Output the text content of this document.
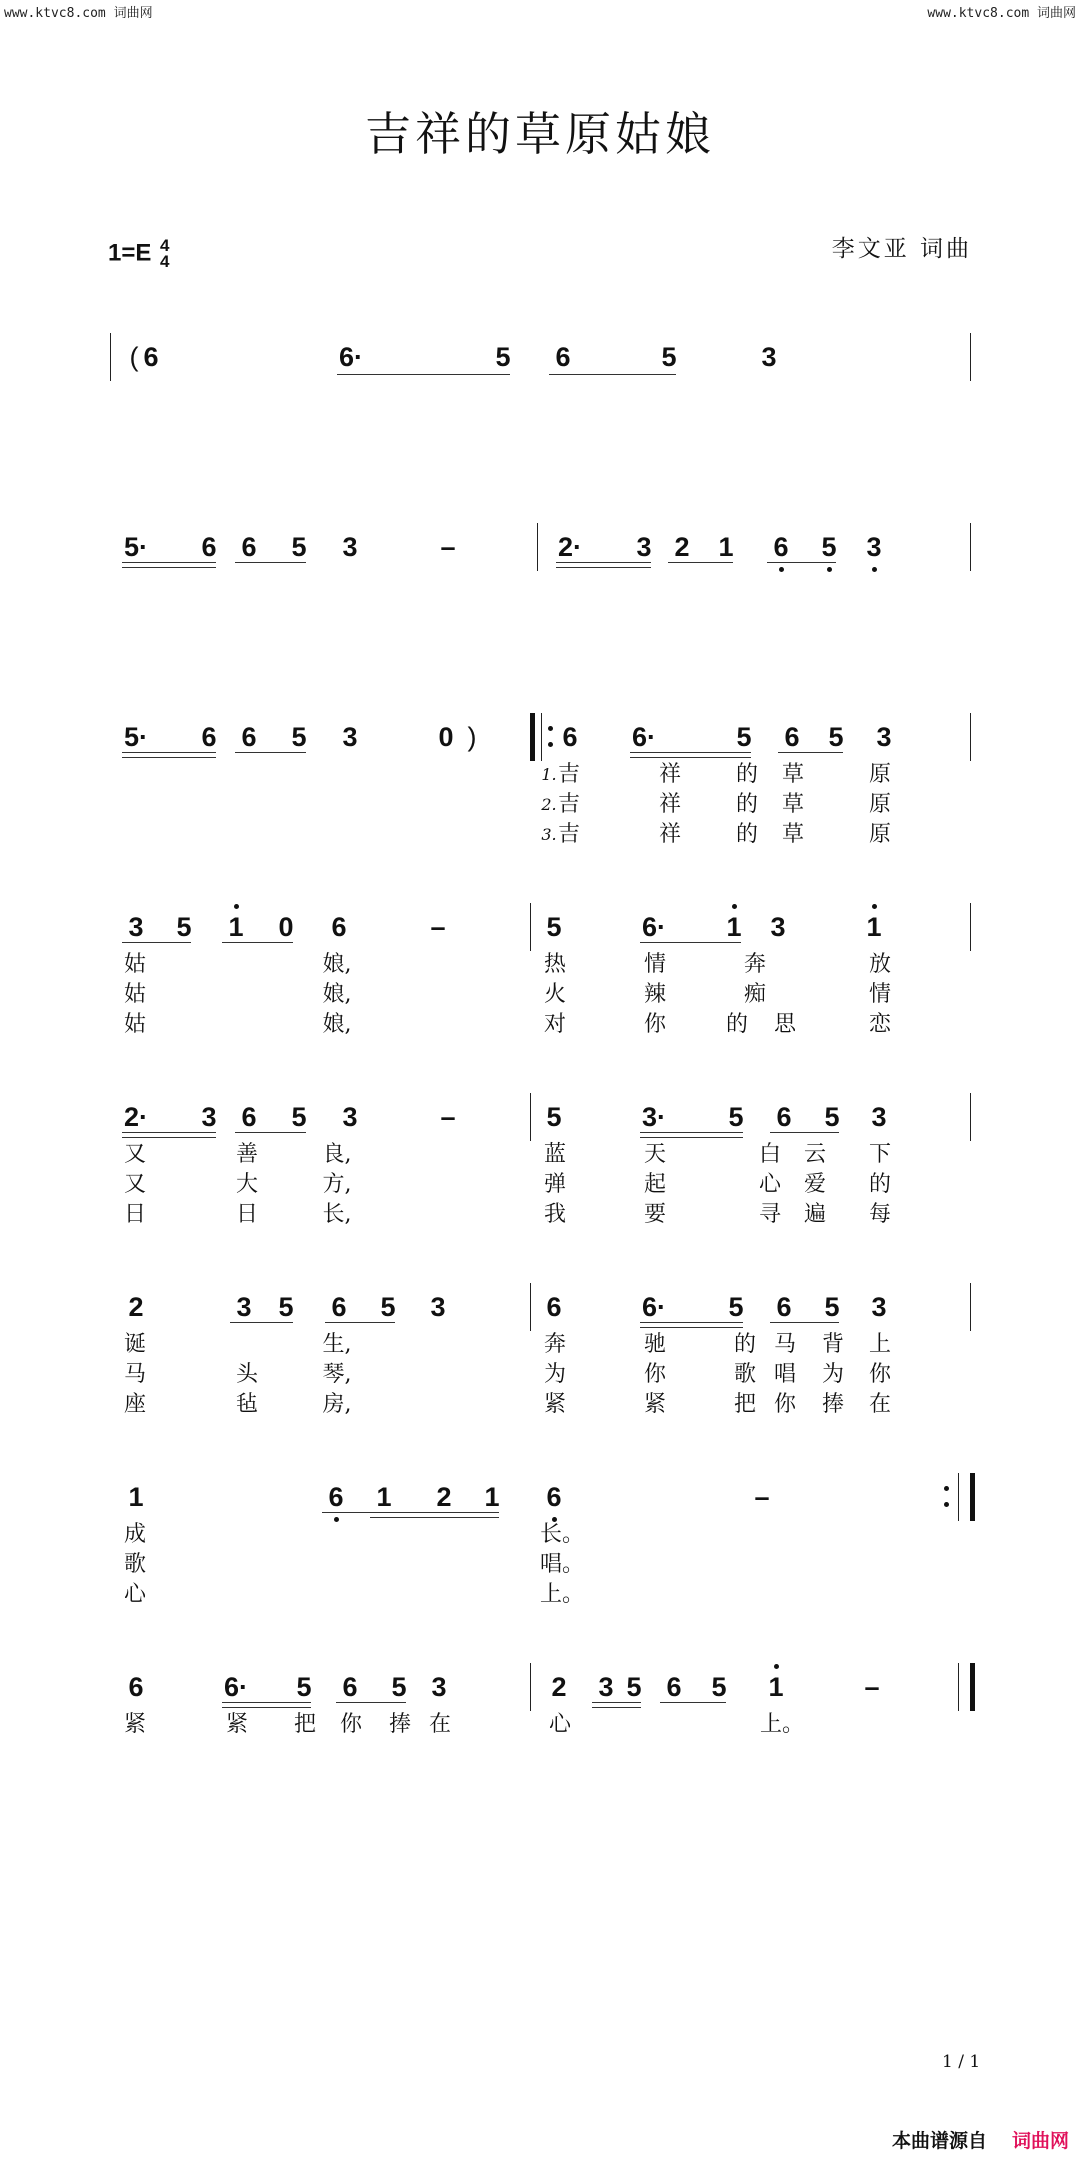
www.ktvc8.com 词曲网	www.ktvc8.com 词曲网
吉祥的草原姑娘
1=E 4
4	李文亚 词曲
6	6·	5 6	5	3
(
5· 6 6 5 3	2· 3 2 1 6 5 3
–
5· 6 6 5 3	0	6 6·	5 6 5 3
)
3 5 1 0 6	5	6· 1 3	1
–
2· 3 6 5 3	5	3· 5 6 5 3
–
2	3 5 6 5 3	6	6· 5 6 5 3
1	6 1 2 1 6	–
6	6· 5 6 5 3	2 3 5 6 5 1	–
1. 吉	祥 的 草	原
2. 吉	祥 的 草	原
3. 吉	祥 的 草	原
姑	娘,	热	情	奔	放
姑	娘,	火	辣	痴	情
姑	娘,	对	你	的 思	恋
又	善	良,	蓝	天	白 云 下
又	大	方,	弹	起	心 爱 的
日	日	长,	我	要	寻 遍 每
诞	生,	奔	驰	的 马 背 上
马	头	琴,	为	你	歌 唱 为 你
座	毡	房,	紧	紧	把 你 捧 在
成	长。
歌	唱。
心	上。
紧	紧 把 你 捧 在	心	上。
1 / 1
本曲谱源自 词曲网
